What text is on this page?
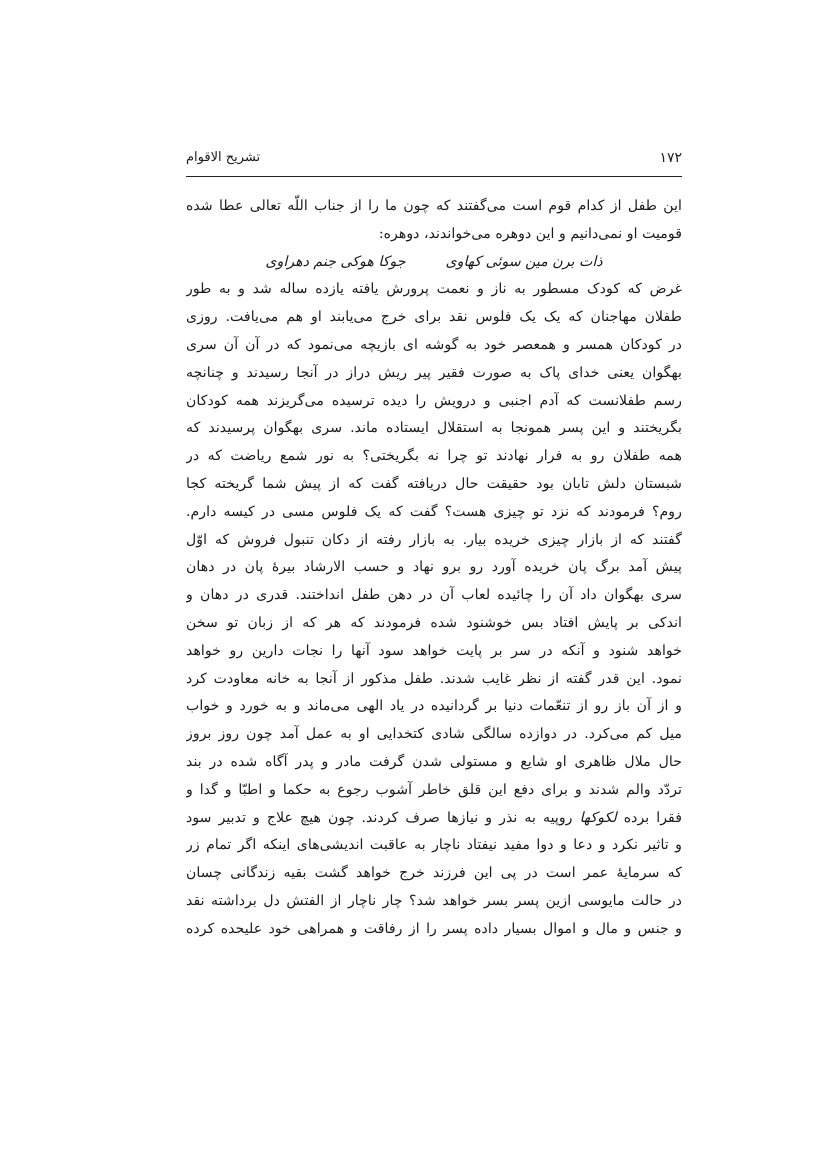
۱۷۲
تشریح الاقوام
این طفل از کدام قوم است می‌گفتند که چون ما را از جناب اللّه تعالی عطا شده
قومیت او نمی‌دانیم و این دوهره می‌خواندند، دوهره:
ذات برن مین سوئی کهاوی
جوکا هوکی جنم دهراوی
غرض که کودک مسطور به ناز و نعمت پرورش یافته یازده ساله شد و به طور
طفلان مهاجنان که یک یک فلوس نقد برای خرج می‌یابند او هم می‌یافت. روزی
در کودکان همسر و همعصر خود به گوشه ای بازیچه می‌نمود که در آن آن سری
بهگوان یعنی خدای پاک به صورت فقیر پیر ریش دراز در آنجا رسیدند و چنانچه
رسم طفلانست که آدم اجنبی و درویش را دیده ترسیده می‌گریزند همه کودکان
بگریختند و این پسر همونجا به استقلال ایستاده ماند. سری بهگوان پرسیدند که
همه طفلان رو به فرار نهادند تو چرا نه بگریختی؟ به نور شمع ریاضت که در
شبستان دلش تابان بود حقیقت حال دریافته گفت که از پیش شما گریخته کجا
روم؟ فرمودند که نزد تو چیزی هست؟ گفت که یک فلوس مسی در کیسه دارم.
گفتند که از بازار چیزی خریده بیار. به بازار رفته از دکان تنبول فروش که اوّل
پیش آمد برگ پان خریده آورد رو برو نهاد و حسب الارشاد بیرۀ پان در دهان
سری بهگوان داد آن را چائیده لعاب آن در دهن طفل انداختند. قدری در دهان و
اندکی بر پایش افتاد بس خوشنود شده فرمودند که هر که از زبان تو سخن
خواهد شنود و آنکه در سر بر پایت خواهد سود آنها را نجات دارین رو خواهد
نمود. این قدر گفته از نظر غایب شدند. طفل مذکور از آنجا به خانه معاودت کرد
و از آن باز رو از تنعّمات دنیا بر گردانیده در یاد الهی می‌ماند و به خورد و خواب
میل کم می‌کرد. در دوازده سالگی شادی کتخدایی او به عمل آمد چون روز بروز
حال ملال ظاهری او شایع و مستولی شدن گرفت مادر و پدر آگاه شده در بند
تردّد والم شدند و برای دفع این قلق خاطر آشوب رجوع به حکما و اطبّا و گدا و
فقرا برده لکوکها روپیه به نذر و نیازها صرف کردند. چون هیچ علاج و تدبیر سود
و تاثیر نکرد و دعا و دوا مفید نیفتاد ناچار به عاقبت اندیشی‌های اینکه اگر تمام زر
که سرمایۀ عمر است در پی این فرزند خرج خواهد گشت بقیه زندگانی چسان
در حالت مایوسی ازین پسر بسر خواهد شد؟ چار ناچار از الفتش دل برداشته نقد
و جنس و مال و اموال بسیار داده پسر را از رفاقت و همراهی خود علیحده کرده
